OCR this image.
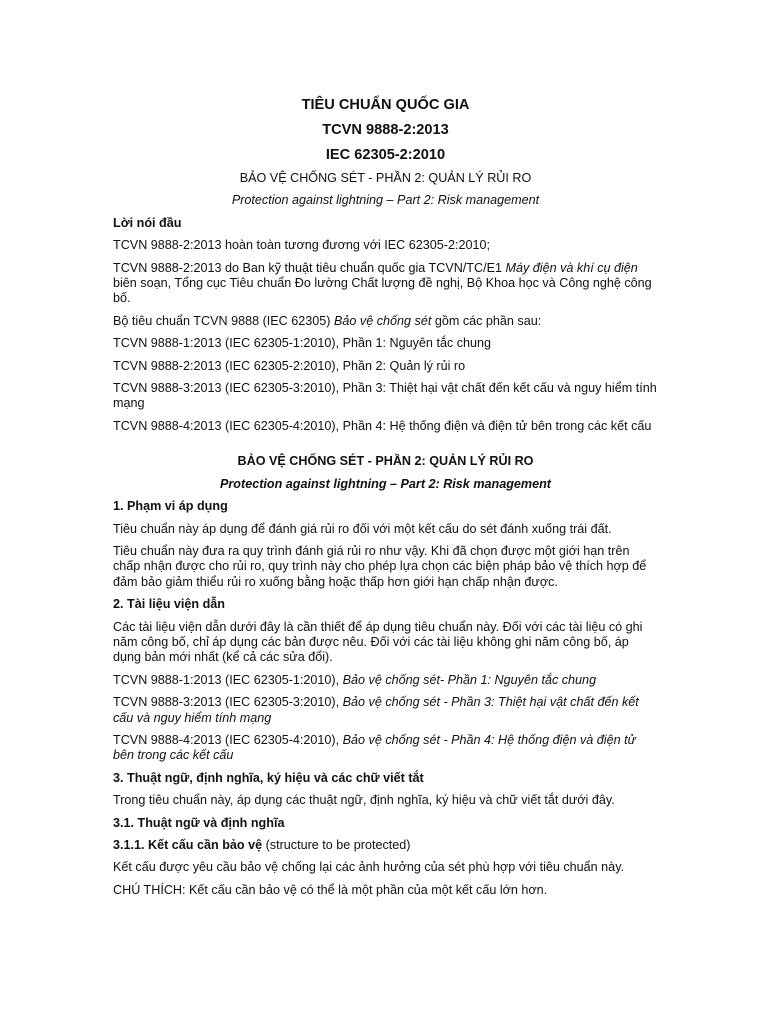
TIÊU CHUẨN QUỐC GIA
TCVN 9888-2:2013
IEC 62305-2:2010
BẢO VỆ CHỐNG SÉT - PHẦN 2: QUẢN LÝ RỦI RO
Protection against lightning – Part 2: Risk management
Lời nói đầu
TCVN 9888-2:2013 hoàn toàn tương đương với IEC 62305-2:2010;
TCVN 9888-2:2013 do Ban kỹ thuật tiêu chuẩn quốc gia TCVN/TC/E1 Máy điện và khí cụ điện biên soạn, Tổng cục Tiêu chuẩn Đo lường Chất lượng đề nghị, Bộ Khoa học và Công nghệ công bố.
Bộ tiêu chuẩn TCVN 9888 (IEC 62305) Bảo vệ chống sét gồm các phần sau:
TCVN 9888-1:2013 (IEC 62305-1:2010), Phần 1: Nguyên tắc chung
TCVN 9888-2:2013 (IEC 62305-2:2010), Phần 2: Quản lý rủi ro
TCVN 9888-3:2013 (IEC 62305-3:2010), Phần 3: Thiệt hại vật chất đến kết cấu và nguy hiểm tính mạng
TCVN 9888-4:2013 (IEC 62305-4:2010), Phần 4: Hệ thống điện và điện tử bên trong các kết cấu
BẢO VỆ CHỐNG SÉT - PHẦN 2: QUẢN LÝ RỦI RO
Protection against lightning – Part 2: Risk management
1. Phạm vi áp dụng
Tiêu chuẩn này áp dụng để đánh giá rủi ro đối với một kết cấu do sét đánh xuống trái đất.
Tiêu chuẩn này đưa ra quy trình đánh giá rủi ro như vậy. Khi đã chọn được một giới hạn trên chấp nhận được cho rủi ro, quy trình này cho phép lựa chọn các biện pháp bảo vệ thích hợp để đảm bảo giảm thiểu rủi ro xuống bằng hoặc thấp hơn giới hạn chấp nhận được.
2. Tài liệu viện dẫn
Các tài liệu viện dẫn dưới đây là cần thiết để áp dụng tiêu chuẩn này. Đối với các tài liệu có ghi năm công bố, chỉ áp dụng các bản được nêu. Đối với các tài liệu không ghi năm công bố, áp dụng bản mới nhất (kể cả các sửa đổi).
TCVN 9888-1:2013 (IEC 62305-1:2010), Bảo vệ chống sét- Phần 1: Nguyên tắc chung
TCVN 9888-3:2013 (IEC 62305-3:2010), Bảo vệ chống sét - Phần 3: Thiệt hại vật chất đến kết cấu và nguy hiểm tính mạng
TCVN 9888-4:2013 (IEC 62305-4:2010), Bảo vệ chống sét - Phần 4: Hệ thống điện và điện tử bên trong các kết cấu
3. Thuật ngữ, định nghĩa, ký hiệu và các chữ viết tắt
Trong tiêu chuẩn này, áp dụng các thuật ngữ, định nghĩa, ký hiệu và chữ viết tắt dưới đây.
3.1. Thuật ngữ và định nghĩa
3.1.1. Kết cấu cần bảo vệ (structure to be protected)
Kết cấu được yêu cầu bảo vệ chống lại các ảnh hưởng của sét phù hợp với tiêu chuẩn này.
CHÚ THÍCH: Kết cấu cần bảo vệ có thể là một phần của một kết cấu lớn hơn.
